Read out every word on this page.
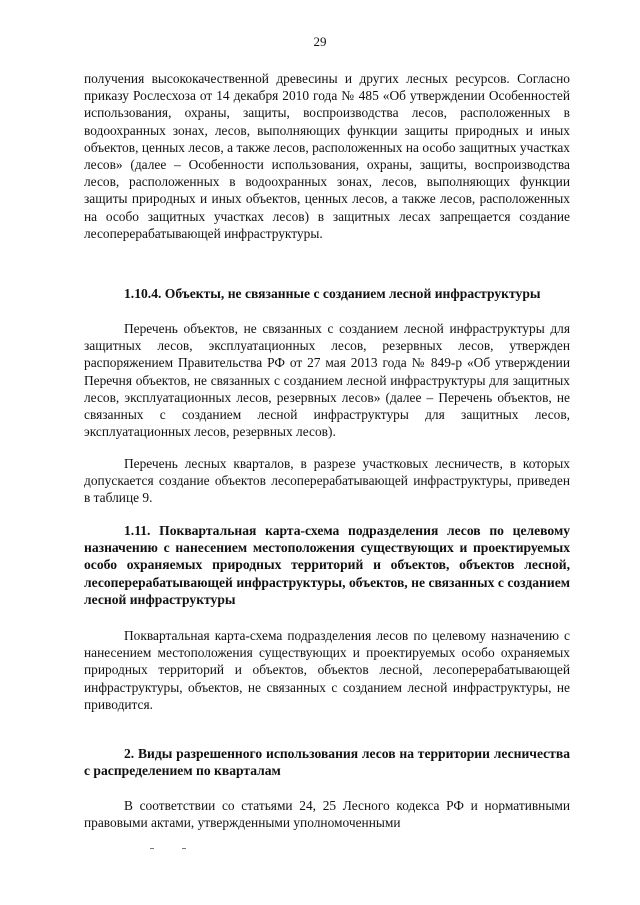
29

получения высококачественной древесины и других лесных ресурсов. Согласно приказу Рослесхоза от 14 декабря 2010 года № 485 «Об утверждении Особенностей использования, охраны, защиты, воспроизводства лесов, расположенных в водоохранных зонах, лесов, выполняющих функции защиты природных и иных объектов, ценных лесов, а также лесов, расположенных на особо защитных участках лесов» (далее – Особенности использования, охраны, защиты, воспроизводства лесов, расположенных в водоохранных зонах, лесов, выполняющих функции защиты природных и иных объектов, ценных лесов, а также лесов, расположенных на особо защитных участках лесов) в защитных лесах запрещается создание лесоперерабатывающей инфраструктуры.

1.10.4. Объекты, не связанные с созданием лесной инфраструктуры

Перечень объектов, не связанных с созданием лесной инфраструктуры для защитных лесов, эксплуатационных лесов, резервных лесов, утвержден распоряжением Правительства РФ от 27 мая 2013 года № 849-р «Об утверждении Перечня объектов, не связанных с созданием лесной инфраструктуры для защитных лесов, эксплуатационных лесов, резервных лесов» (далее – Перечень объектов, не связанных с созданием лесной инфраструктуры для защитных лесов, эксплуатационных лесов, резервных лесов).

Перечень лесных кварталов, в разрезе участковых лесничеств, в которых допускается создание объектов лесоперерабатывающей инфраструктуры, приведен в таблице 9.

1.11. Поквартальная карта-схема подразделения лесов по целевому назначению с нанесением местоположения существующих и проектируемых особо охраняемых природных территорий и объектов, объектов лесной, лесоперерабатывающей инфраструктуры, объектов, не связанных с созданием лесной инфраструктуры

Поквартальная карта-схема подразделения лесов по целевому назначению с нанесением местоположения существующих и проектируемых особо охраняемых природных территорий и объектов, объектов лесной, лесоперерабатывающей инфраструктуры, объектов, не связанных с созданием лесной инфраструктуры, не приводится.

2. Виды разрешенного использования лесов на территории лесничества с распределением по кварталам

В соответствии со статьями 24, 25 Лесного кодекса РФ и нормативными правовыми актами, утвержденными уполномоченными
